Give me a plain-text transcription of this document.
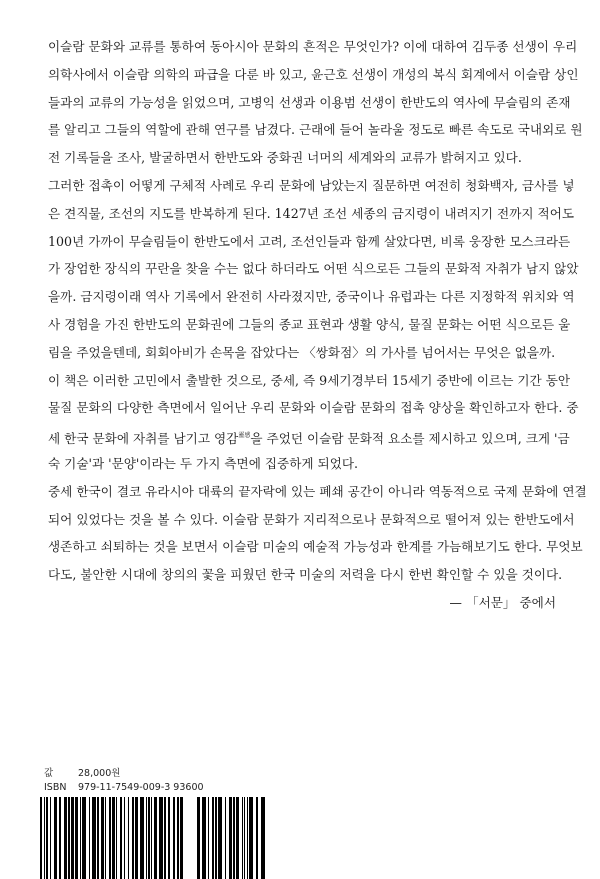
이슬람 문화와 교류를 통하여 동아시아 문화의 흔적은 무엇인가? 이에 대하여 김두종 선생이 우리
의학사에서 이슬람 의학의 파급을 다룬 바 있고, 윤근호 선생이 개성의 복식 회계에서 이슬람 상인
들과의 교류의 가능성을 읽었으며, 고병익 선생과 이용범 선생이 한반도의 역사에 무슬림의 존재
를 알리고 그들의 역할에 관해 연구를 남겼다. 근래에 들어 놀라울 정도로 빠른 속도로 국내외로 원
전 기록들을 조사, 발굴하면서 한반도와 중화권 너머의 세계와의 교류가 밝혀지고 있다.
그러한 접촉이 어떻게 구체적 사례로 우리 문화에 남았는지 질문하면 여전히 청화백자, 금사를 넣
은 견직물, 조선의 지도를 반복하게 된다. 1427년 조선 세종의 금지령이 내려지기 전까지 적어도
100년 가까이 무슬림들이 한반도에서 고려, 조선인들과 함께 살았다면, 비록 웅장한 모스크라든
가 장엄한 장식의 꾸란을 찾을 수는 없다 하더라도 어떤 식으로든 그들의 문화적 자취가 남지 않았
을까. 금지령이래 역사 기록에서 완전히 사라졌지만, 중국이나 유럽과는 다른 지정학적 위치와 역
사 경험을 가진 한반도의 문화권에 그들의 종교 표현과 생활 양식, 물질 문화는 어떤 식으로든 울
림을 주었을텐데, 회회아비가 손목을 잡았다는 〈쌍화점〉의 가사를 넘어서는 무엇은 없을까.
이 책은 이러한 고민에서 출발한 것으로, 중세, 즉 9세기경부터 15세기 중반에 이르는 기간 동안
물질 문화의 다양한 측면에서 일어난 우리 문화와 이슬람 문화의 접촉 양상을 확인하고자 한다. 중
세 한국 문화에 자취를 남기고 영감$^{靈感}$을 주었던 이슬람 문화적 요소를 제시하고 있으며, 크게 '금
숙 기술'과 '문양'이라는 두 가지 측면에 집중하게 되었다.
중세 한국이 결코 유라시아 대륙의 끝자락에 있는 폐쇄 공간이 아니라 역동적으로 국제 문화에 연결
되어 있었다는 것을 볼 수 있다. 이슬람 문화가 지리적으로나 문화적으로 떨어져 있는 한반도에서
생존하고 쇠퇴하는 것을 보면서 이슬람 미술의 예술적 가능성과 한계를 가늠해보기도 한다. 무엇보
다도, 불안한 시대에 창의의 꽃을 피웠던 한국 미술의 저력을 다시 한번 확인할 수 있을 것이다.
— 「서문」 중에서
값	28,000원
ISBN 979-11-7549-009-3 93600
